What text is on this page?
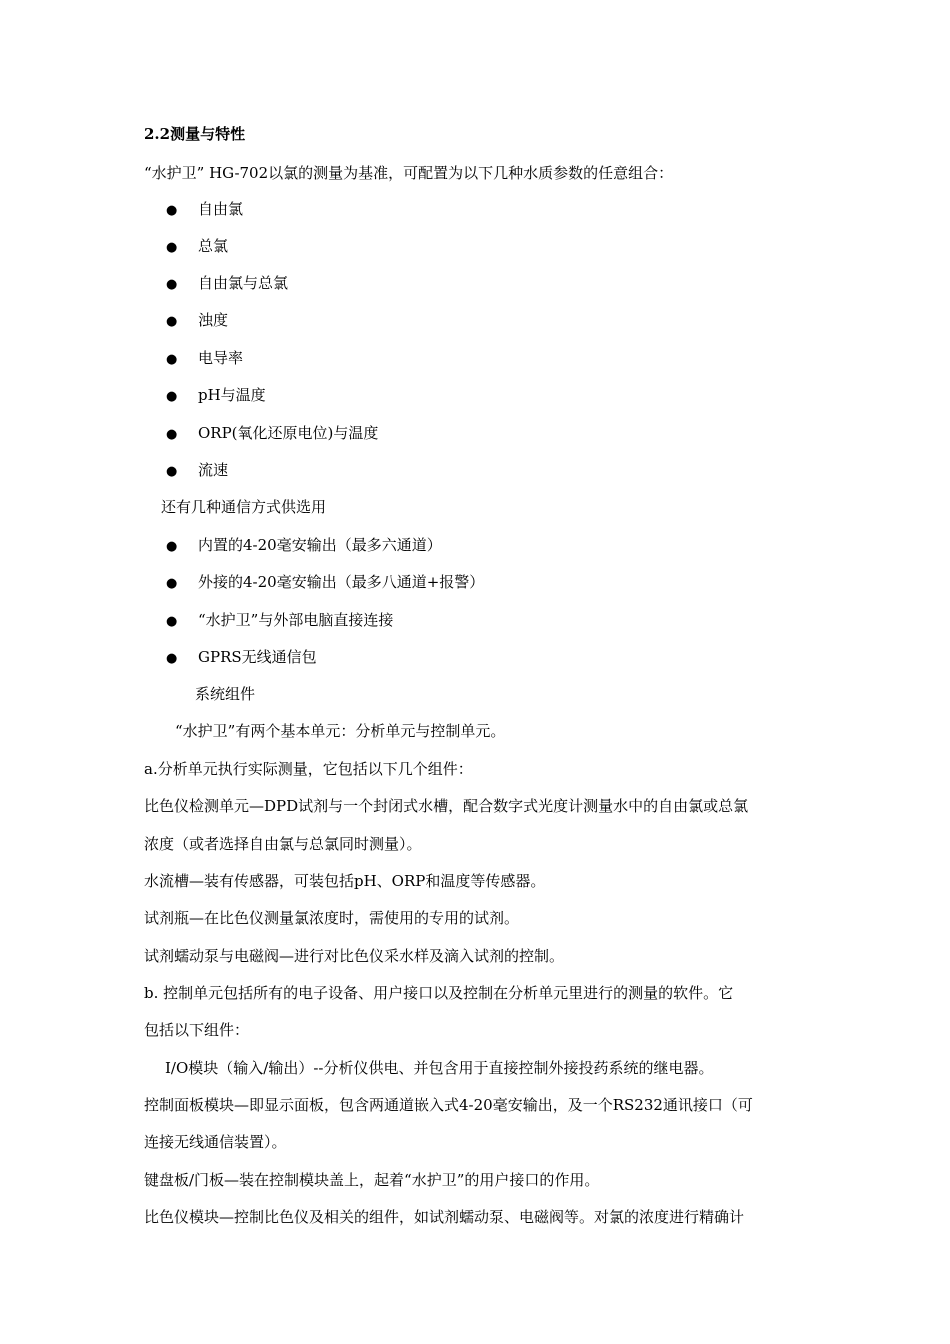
2.2测量与特性
“水护卫” HG-702以氯的测量为基准，可配置为以下几种水质参数的任意组合：
● 自由氯
● 总氯
● 自由氯与总氯
● 浊度
● 电导率
● pH与温度
● ORP(氧化还原电位)与温度
● 流速
还有几种通信方式供选用
● 内置的4-20毫安输出（最多六通道）
● 外接的4-20毫安输出（最多八通道+报警）
● “水护卫”与外部电脑直接连接
● GPRS无线通信包
系统组件
“水护卫”有两个基本单元：分析单元与控制单元。
a.分析单元执行实际测量，它包括以下几个组件：
比色仪检测单元—DPD试剂与一个封闭式水槽，配合数字式光度计测量水中的自由氯或总氯
浓度（或者选择自由氯与总氯同时测量）。
水流槽—装有传感器，可装包括pH、ORP和温度等传感器。
试剂瓶—在比色仪测量氯浓度时，需使用的专用的试剂。
试剂蠕动泵与电磁阀—进行对比色仪采水样及滴入试剂的控制。
b. 控制单元包括所有的电子设备、用户接口以及控制在分析单元里进行的测量的软件。它
包括以下组件：
I/O模块（输入/输出）--分析仪供电、并包含用于直接控制外接投药系统的继电器。
控制面板模块—即显示面板，包含两通道嵌入式4-20毫安输出，及一个RS232通讯接口（可
连接无线通信装置）。
键盘板/门板—装在控制模块盖上，起着“水护卫”的用户接口的作用。
比色仪模块—控制比色仪及相关的组件，如试剂蠕动泵、电磁阀等。对氯的浓度进行精确计
